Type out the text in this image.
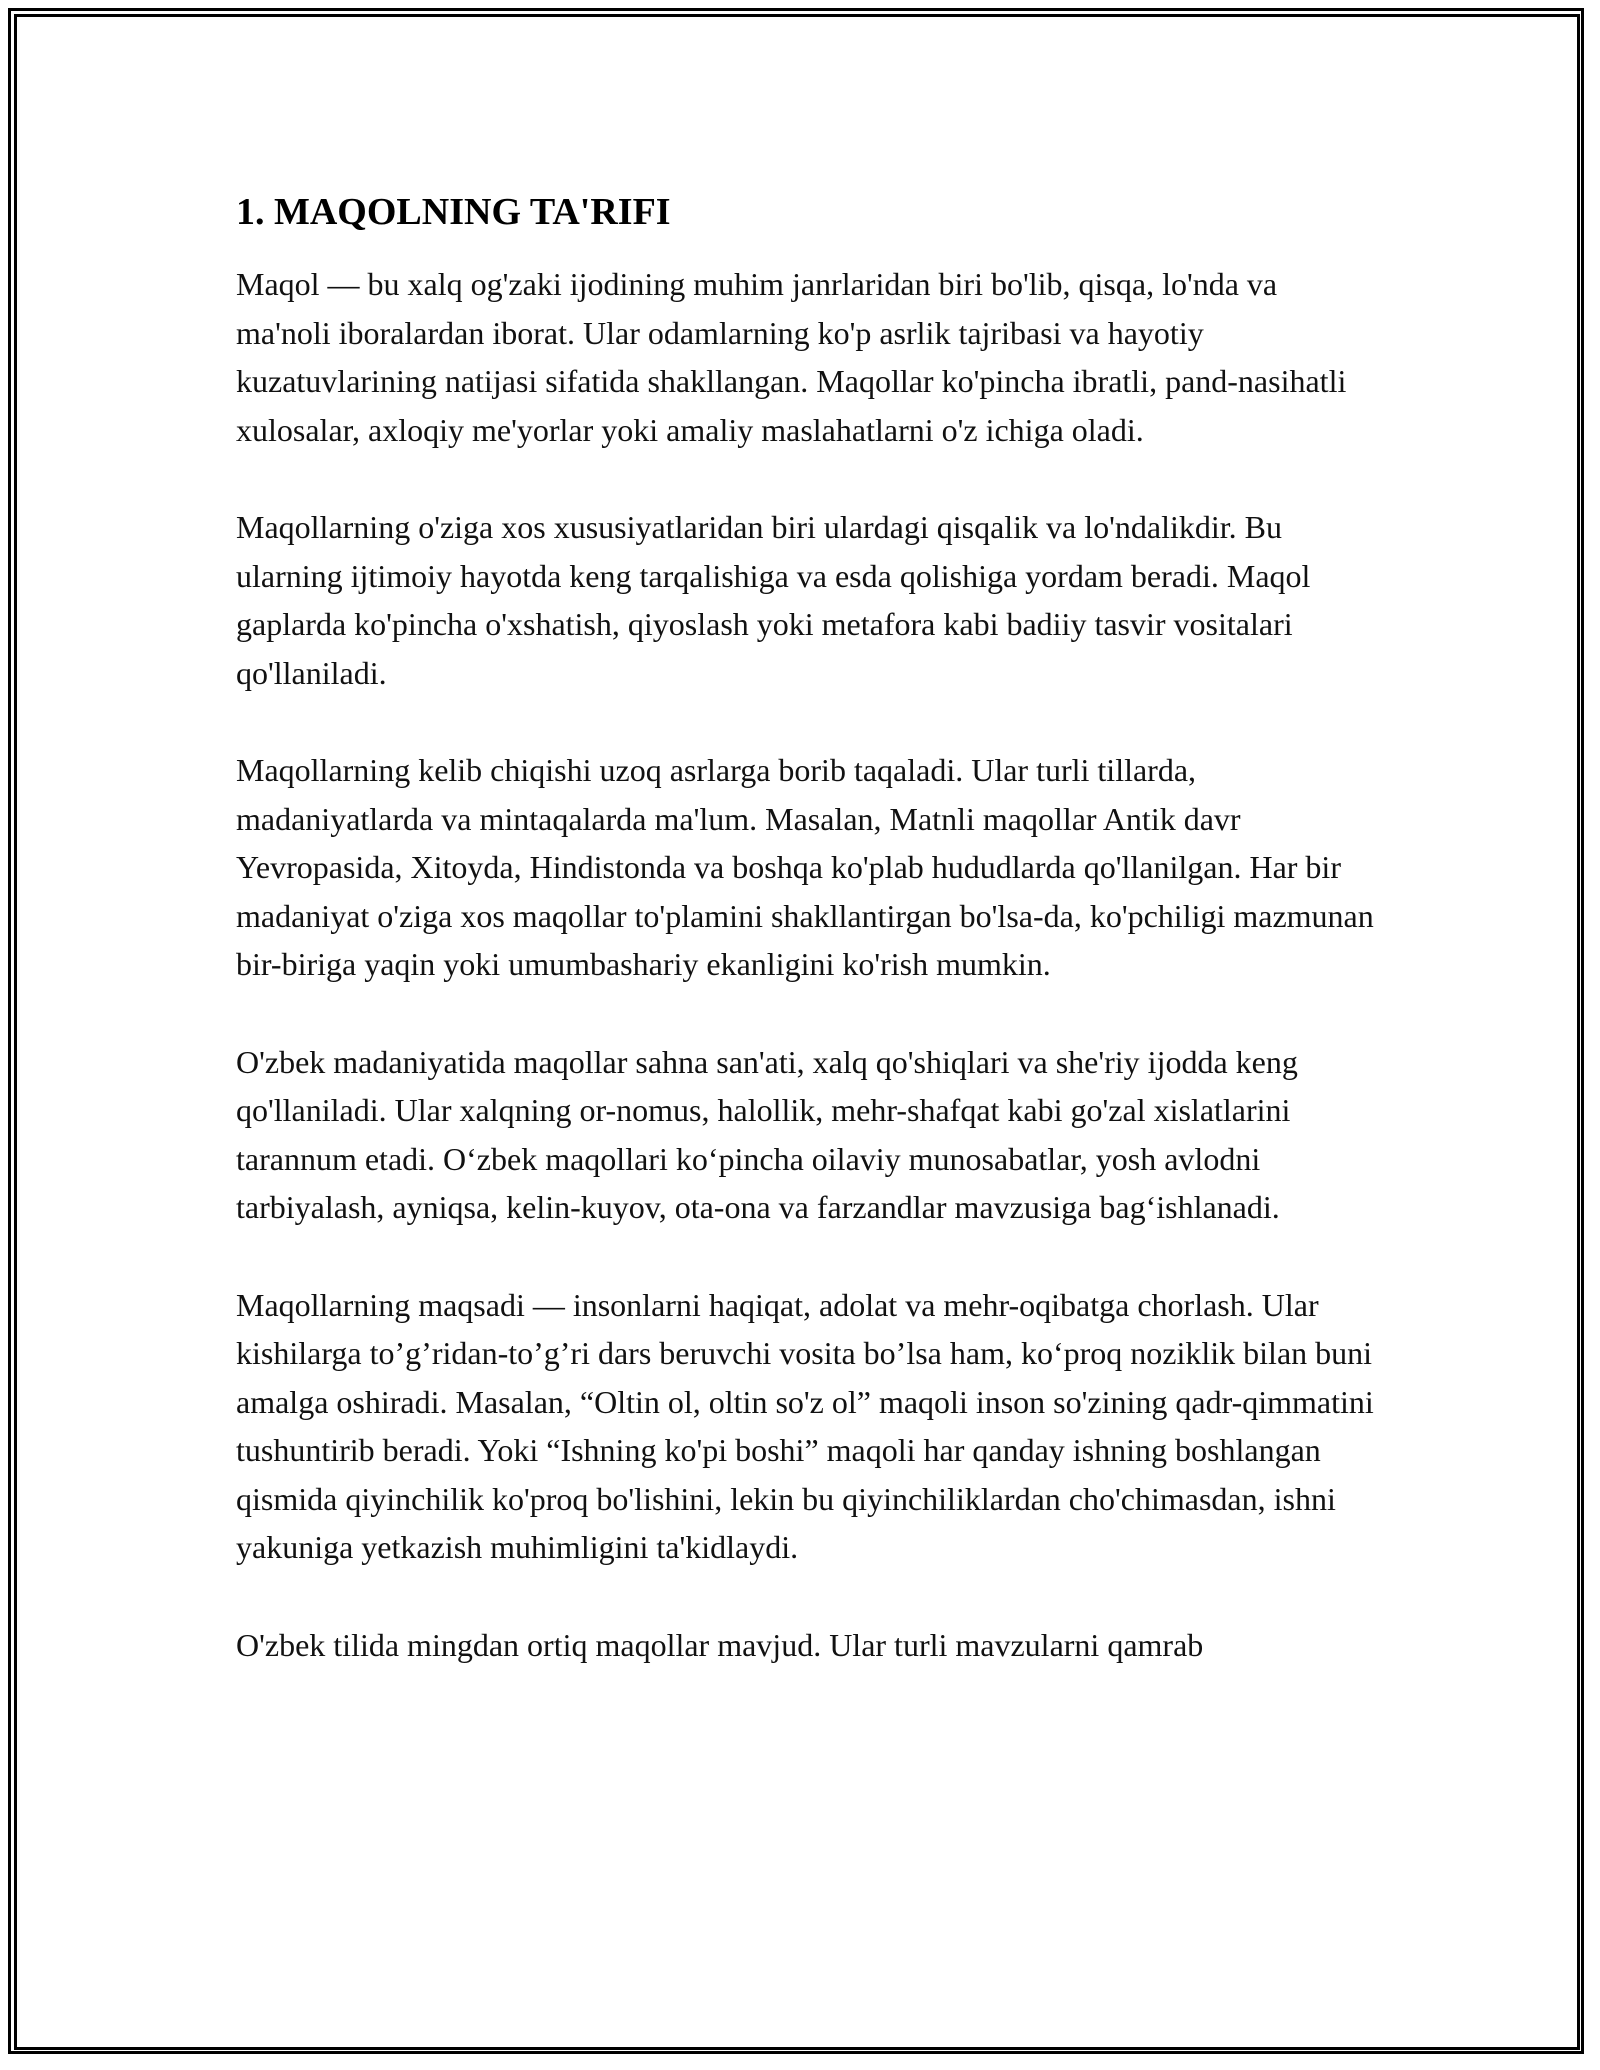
1. MAQOLNING TA'RIFI

Maqol — bu xalq og'zaki ijodining muhim janrlaridan biri bo'lib, qisqa, lo'nda va ma'noli iboralardan iborat. Ular odamlarning ko'p asrlik tajribasi va hayotiy kuzatuvlarining natijasi sifatida shakllangan. Maqollar ko'pincha ibratli, pand-nasihatli xulosalar, axloqiy me'yorlar yoki amaliy maslahatlarni o'z ichiga oladi.

Maqollarning o'ziga xos xususiyatlaridan biri ulardagi qisqalik va lo'ndalikdir. Bu ularning ijtimoiy hayotda keng tarqalishiga va esda qolishiga yordam beradi. Maqol gaplarda ko'pincha o'xshatish, qiyoslash yoki metafora kabi badiiy tasvir vositalari qo'llaniladi.

Maqollarning kelib chiqishi uzoq asrlarga borib taqaladi. Ular turli tillarda, madaniyatlarda va mintaqalarda ma'lum. Masalan, Matnli maqollar Antik davr Yevropasida, Xitoyda, Hindistonda va boshqa ko'plab hududlarda qo'llanilgan. Har bir madaniyat o'ziga xos maqollar to'plamini shakllantirgan bo'lsa-da, ko'pchiligi mazmunan bir-biriga yaqin yoki umumbashariy ekanligini ko'rish mumkin.

O'zbek madaniyatida maqollar sahna san'ati, xalq qo'shiqlari va she'riy ijodda keng qo'llaniladi. Ular xalqning or-nomus, halollik, mehr-shafqat kabi go'zal xislatlarini tarannum etadi. O‘zbek maqollari ko‘pincha oilaviy munosabatlar, yosh avlodni tarbiyalash, ayniqsa, kelin-kuyov, ota-ona va farzandlar mavzusiga bag‘ishlanadi.

Maqollarning maqsadi — insonlarni haqiqat, adolat va mehr-oqibatga chorlash. Ular kishilarga to’g’ridan-to’g’ri dars beruvchi vosita bo’lsa ham, ko‘proq noziklik bilan buni amalga oshiradi. Masalan, “Oltin ol, oltin so'z ol” maqoli inson so'zining qadr-qimmatini tushuntirib beradi. Yoki “Ishning ko'pi boshi” maqoli har qanday ishning boshlangan qismida qiyinchilik ko'proq bo'lishini, lekin bu qiyinchiliklardan cho'chimasdan, ishni yakuniga yetkazish muhimligini ta'kidlaydi.

O'zbek tilida mingdan ortiq maqollar mavjud. Ular turli mavzularni qamrab
